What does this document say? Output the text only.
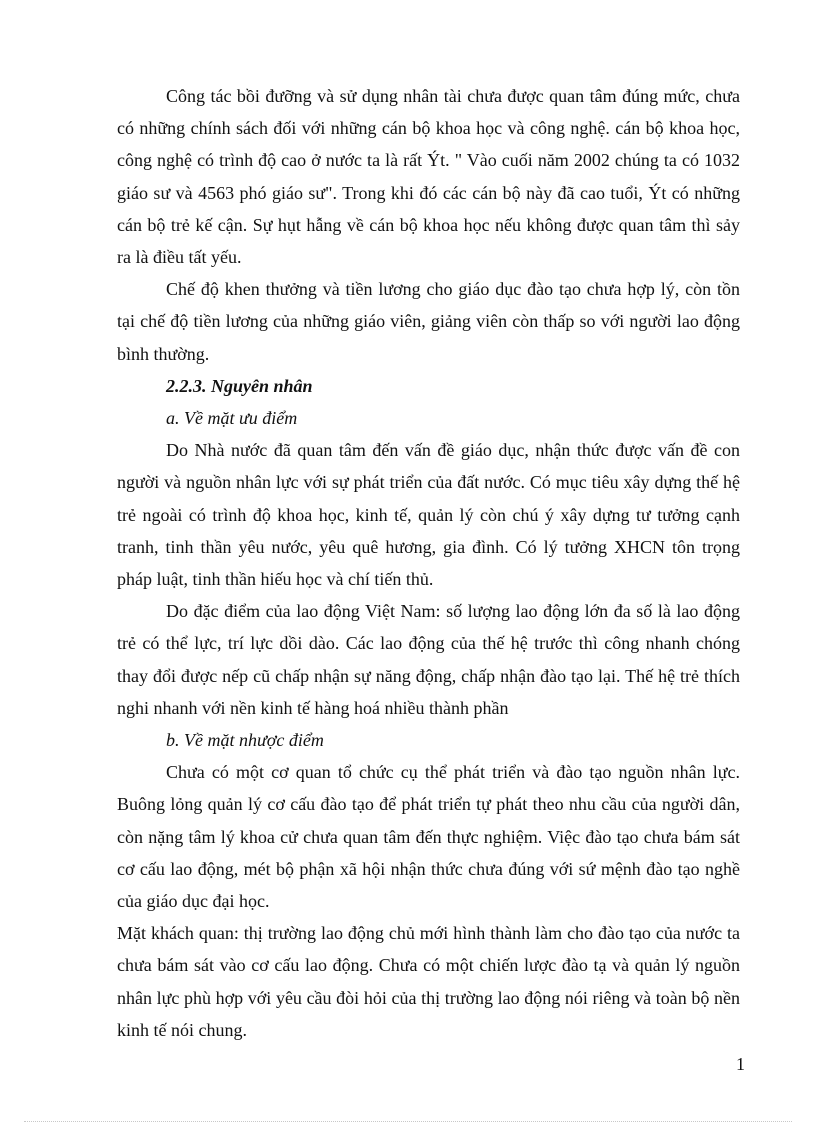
Công tác bồi đưỡng và sử dụng nhân tài chưa được quan tâm đúng mức, chưa có những chính sách đối với những cán bộ khoa học và công nghệ. cán bộ khoa học, công nghệ có trình độ cao ở nước ta là rất Ýt. " Vào cuối năm 2002 chúng ta có 1032 giáo sư và 4563 phó giáo sư". Trong khi đó các cán bộ này đã cao tuổi, Ýt có những cán bộ trẻ kế cận. Sự hụt hẫng về cán bộ khoa học nếu không được quan tâm thì sảy ra là điều tất yếu.

Chế độ khen thưởng và tiền lương cho giáo dục đào tạo chưa hợp lý, còn tồn tại chế độ tiền lương của những giáo viên, giảng viên còn thấp so với người lao động bình thường.

2.2.3. Nguyên nhân

a. Về mặt ưu điểm

Do Nhà nước đã quan tâm đến vấn đề giáo dục, nhận thức được vấn đề con người và nguồn nhân lực với sự phát triển của đất nước. Có mục tiêu xây dựng thế hệ trẻ ngoài có trình độ khoa học, kinh tế, quản lý còn chú ý xây dựng tư tưởng cạnh tranh, tinh thần yêu nước, yêu quê hương, gia đình. Có lý tưởng XHCN tôn trọng pháp luật, tinh thần hiếu học và chí tiến thủ.

Do đặc điểm của lao động Việt Nam: số lượng lao động lớn đa số là lao động trẻ có thể lực, trí lực dồi dào. Các lao động của thế hệ trước thì công nhanh chóng thay đổi được nếp cũ chấp nhận sự năng động, chấp nhận đào tạo lại. Thế hệ trẻ thích nghi nhanh với nền kinh tế hàng hoá nhiều thành phần

b. Về mặt nhược điểm

Chưa có một cơ quan tổ chức cụ thể phát triển và đào tạo nguồn nhân lực. Buông lỏng quản lý cơ cấu đào tạo để phát triển tự phát theo nhu cầu của người dân, còn nặng tâm lý khoa cử chưa quan tâm đến thực nghiệm. Việc đào tạo chưa bám sát cơ cấu lao động, mét bộ phận xã hội nhận thức chưa đúng với sứ mệnh đào tạo nghề của giáo dục đại học.

Mặt khách quan: thị trường lao động chủ mới hình thành làm cho đào tạo của nước ta chưa bám sát vào cơ cấu lao động. Chưa có một chiến lược đào tạ và quản lý nguồn nhân lực phù hợp với yêu cầu đòi hỏi của thị trường lao động nói riêng và toàn bộ nền kinh tế nói chung.

1
